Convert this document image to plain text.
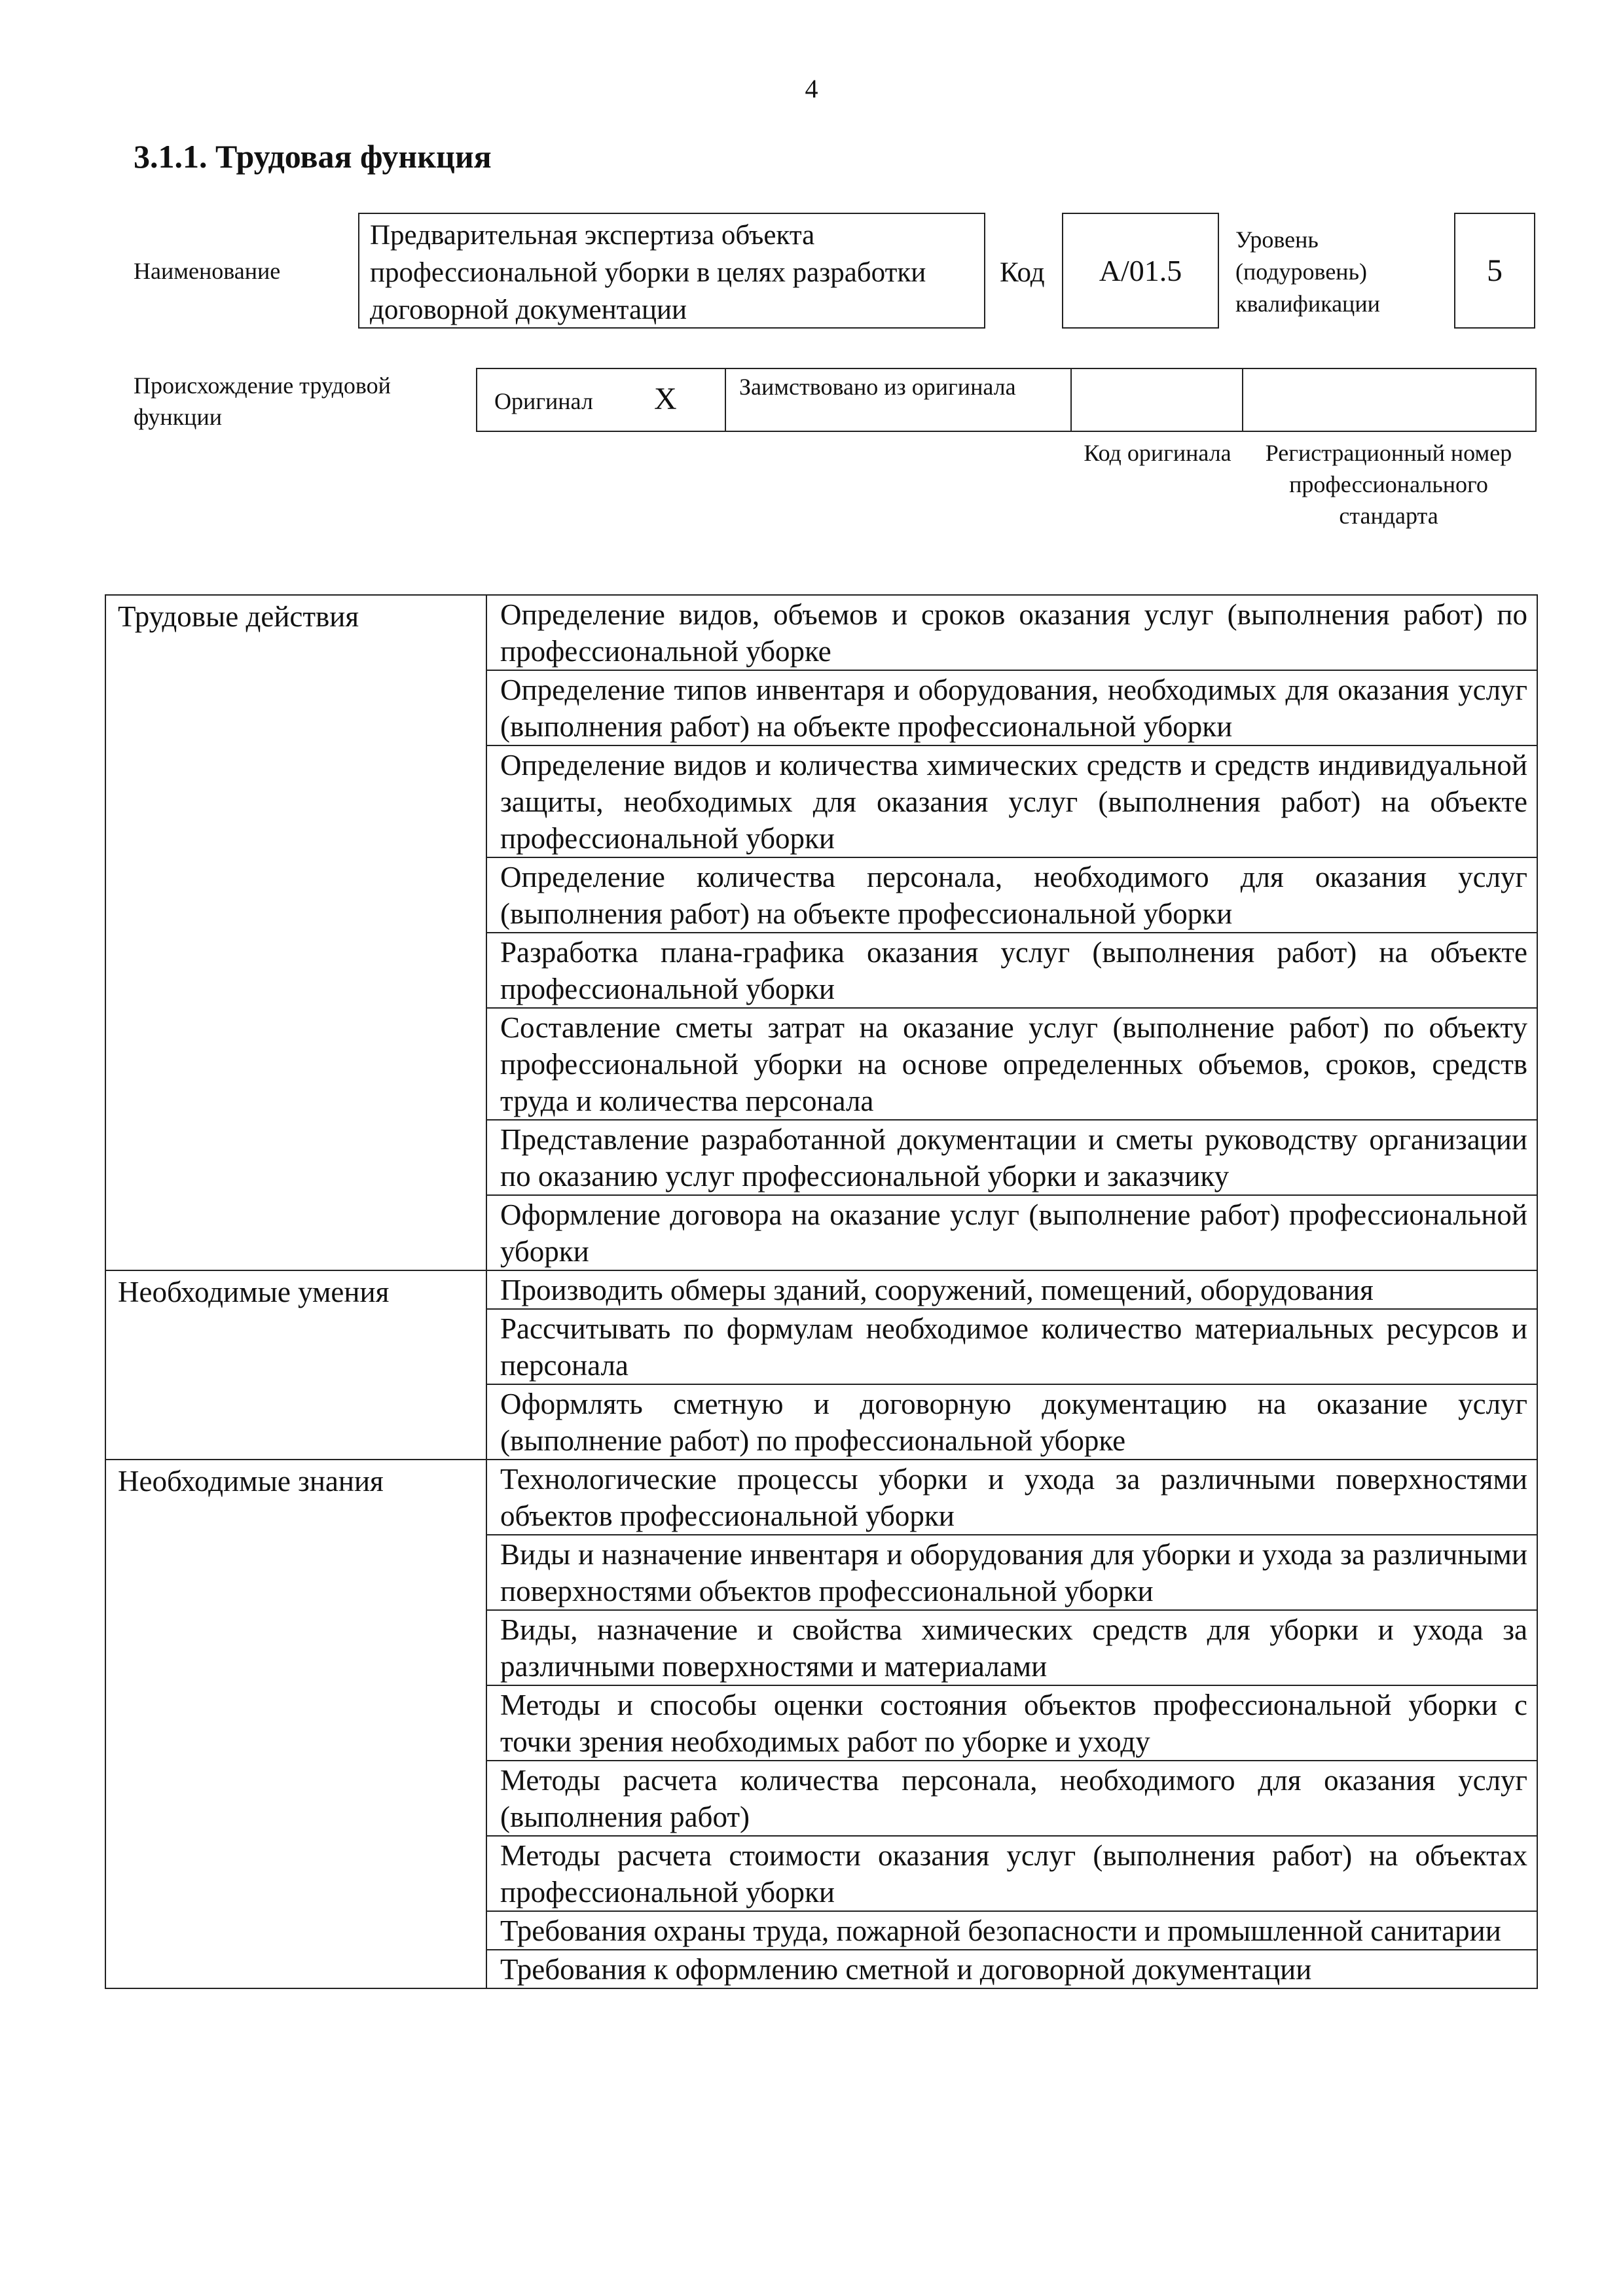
4
3.1.1. Трудовая функция
Наименование
Предварительная экспертиза объекта профессиональной уборки в целях разработки договорной документации
Код A/01.5
Уровень (подуровень) квалификации
5
Происхождение трудовой функции
Оригинал X	Заимствовано из оригинала
Код оригинала	Регистрационный номер профессионального стандарта
Трудовые действия	Определение видов, объемов и сроков оказания услуг (выполнения работ) по профессиональной уборке
	Определение типов инвентаря и оборудования, необходимых для оказания услуг (выполнения работ) на объекте профессиональной уборки
	Определение видов и количества химических средств и средств индивидуальной защиты, необходимых для оказания услуг (выполнения работ) на объекте профессиональной уборки
	Определение количества персонала, необходимого для оказания услуг (выполнения работ) на объекте профессиональной уборки
	Разработка плана-графика оказания услуг (выполнения работ) на объекте профессиональной уборки
	Составление сметы затрат на оказание услуг (выполнение работ) по объекту профессиональной уборки на основе определенных объемов, сроков, средств труда и количества персонала
	Представление разработанной документации и сметы руководству организации по оказанию услуг профессиональной уборки и заказчику
	Оформление договора на оказание услуг (выполнение работ) профессиональной уборки
Необходимые умения	Производить обмеры зданий, сооружений, помещений, оборудования
	Рассчитывать по формулам необходимое количество материальных ресурсов и персонала
	Оформлять сметную и договорную документацию на оказание услуг (выполнение работ) по профессиональной уборке
Необходимые знания	Технологические процессы уборки и ухода за различными поверхностями объектов профессиональной уборки
	Виды и назначение инвентаря и оборудования для уборки и ухода за различными поверхностями объектов профессиональной уборки
	Виды, назначение и свойства химических средств для уборки и ухода за различными поверхностями и материалами
	Методы и способы оценки состояния объектов профессиональной уборки с точки зрения необходимых работ по уборке и уходу
	Методы расчета количества персонала, необходимого для оказания услуг (выполнения работ)
	Методы расчета стоимости оказания услуг (выполнения работ) на объектах профессиональной уборки
	Требования охраны труда, пожарной безопасности и промышленной санитарии
	Требования к оформлению сметной и договорной документации
